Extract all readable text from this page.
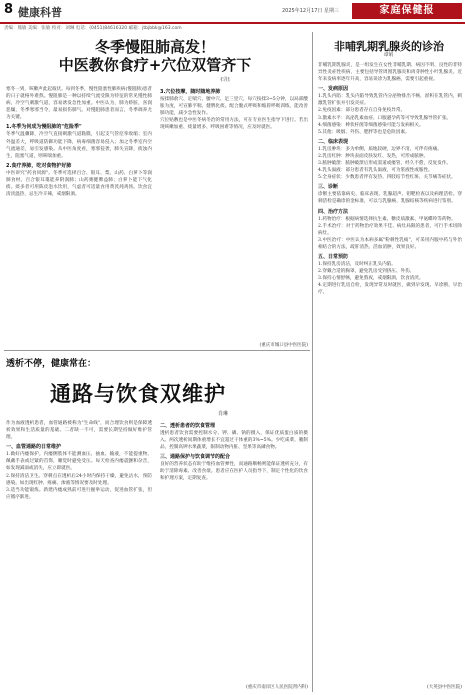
8 健康科普	2025年12月17日 星期三	家庭保健报
责编：熊敏 美编：张敏 校对：刘琳 电话：(0451)84616320 邮箱：jtbjbbk@163.com
冬季慢阻肺高发！
中医教你食疗+穴位双管齐下
石钰

寒冬一到，咳嗽声此起彼伏。每到冬季，慢性阻塞性肺疾病(慢阻肺)患者的日子就格外难熬。慢阻肺是一种以持续气流受限为特征的常见慢性肺病，冷空气刺激气道，容易诱发急性加重。中医认为，肺为娇脏，喜润恶燥，冬季寒邪当令，最易损伤肺气。对慢阻肺患者而言，冬季调养尤为关键。

1.冬季为何成为慢阻肺的"危险季"

冬季气温骤降，冷空气直接刺激气道黏膜，引起支气管痉挛收缩；室内外温差大，呼吸道防御功能下降，病毒细菌容易侵入；加之冬季室内空气流通差，易引发感染。从中医角度看，寒邪侵袭，肺失宣降，痰浊内生，阻塞气道，则咳喘加重。

2.食疗养肺，吃对食物护好肺

中医讲究"药食同源"。冬季可选择百合、银耳、梨、山药、白萝卜等润肺食材。百合银耳羹能养阴润肺；山药粥健脾益肺；白萝卜能下气化痰。痰多者可用陈皮泡水饮用，气虚者可适量食用黄芪炖鸡汤。饮食宜清淡温热，忌生冷辛辣，戒烟限酒。

3.穴位按摩，随时随地养肺

按揉肺俞穴、定喘穴、膻中穴、足三里穴，每穴按揉3~5分钟，以局部酸胀为度，可宣肺平喘、健脾化痰。配合腹式呼吸和缩唇呼吸训练，能改善肺功能，减少急性发作。

穴位贴敷也是中医冬病冬治的常用方法，可在专业医生指导下进行。若出现咳嗽加重、痰量增多、呼吸困难等情况，应及时就医。

(重庆市城口县中医医院)
透析不停，健康常在：
通路与饮食双维护
肖琳

作为血液透析患者，血管通路被称为"生命线"，而合理饮食则是保障透析效果和生活质量的基础。二者缺一不可，需要长期坚持做好维护管理。

一、血管通路的日常维护

1.做好内瘘保护。内瘘侧肢体不能测血压、抽血、输液，不能提重物、佩戴手表或过紧的首饰，睡觉时避免受压。每天检查内瘘震颤和杂音，如发现减弱或消失，应立即就医。

2.保持清洁卫生。穿刺点在透析后24小时内保持干燥，避免沾水，预防感染。如出现红肿、疼痛、渗液等情况要及时处理。

3.适当功能锻炼。新建内瘘成熟前可进行握拳运动，促进血管扩张，但应循序渐进。

二、透析患者的饮食管理

透析患者饮食需要控制水分、钾、磷、钠的摄入，保证优质蛋白质的摄入。两次透析间期体重增长不宜超过干体重的3%~5%。少吃咸菜、腌制品，控制高钾水果蔬菜，限制动物内脏、坚果等高磷食物。

三、通路保护与饮食调节的配合

良好的营养状态有助于维持血管弹性，而通路顺畅则能保证透析充分，有助于清除毒素、改善食欲。患者应在医护人员指导下，制定个性化的饮食和护理方案，定期复查。

(重庆市南岸区人民医院肾内科)
非哺乳期乳腺炎的诊治
谭娟

非哺乳期乳腺炎，是一组发生在女性非哺乳期、病因不明、良性的非特异性炎症性疾病，主要包括导管周围乳腺炎和肉芽肿性小叶乳腺炎。近年来发病率逐年升高，容易误诊为乳腺癌，需要引起重视。

一、发病原因

1.乳头内陷：乳头内陷导致乳管内分泌物排出不畅，淤积在乳管内，刺激乳管扩张并引发炎症。
2.免疫因素：部分患者存在自身免疫异常。
3.激素水平：高泌乳素血症、口服避孕药等可导致乳腺导管扩张。
4.细菌感染：棒状杆菌等细菌感染可能与发病相关。
5.其他：吸烟、外伤、肥胖等也是危险因素。

二、临床表现

1.乳房肿块：多为单侧，质地较硬，边界不清，可伴有疼痛。
2.乳房红肿：肿块表面皮肤发红、发热，可形成脓肿。
3.脓肿破溃：脓肿破溃后形成窦道或瘘管，经久不愈，反复发作。
4.乳头溢液：部分患者有乳头溢液，可为浆液性或脓性。
5.全身症状：少数患者伴有发热、四肢结节性红斑、关节痛等症状。

三、诊断

诊断主要依靠病史、临床表现、乳腺超声、钼靶检查以及病理活检。穿刺活检是确诊的金标准，可以与乳腺癌、乳腺结核等疾病进行鉴别。

四、治疗方法

1.药物治疗：根据病情选择抗生素、糖皮质激素、甲氨蝶呤等药物。
2.手术治疗：对于药物治疗效果不佳、病灶局限的患者，可行手术切除病灶。
3.中医治疗：中医认为本病多属"粉刺性乳痈"，可采用内服中药与外治相结合的方法，疏肝清热、活血消肿，效果良好。

五、日常预防

1.保持乳房清洁，及时纠正乳头内陷。
2.穿戴合适的胸罩，避免乳房受到挤压、外伤。
3.保持心情舒畅，避免熬夜，戒烟限酒，饮食清淡。
4.定期进行乳房自检，发现异常及时就医，做到早发现、早诊断、早治疗。

(大英县中医医院)
